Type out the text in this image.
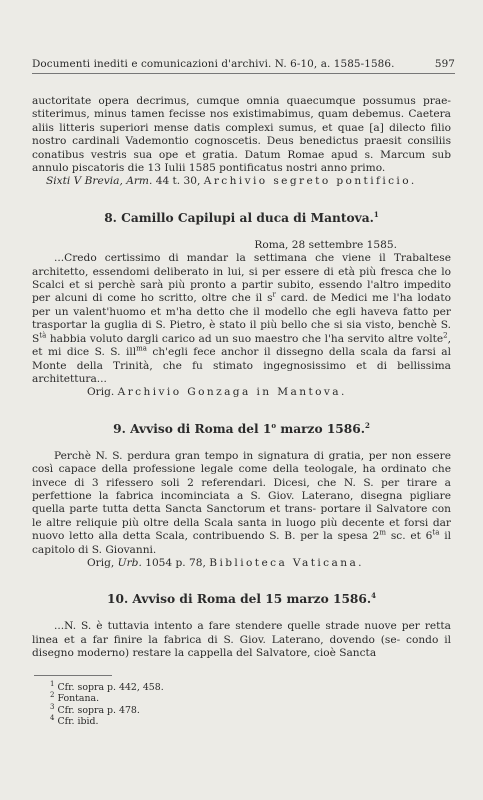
Documenti inediti e comunicazioni d'archivi. N. 6-10, a. 1585-1586.	597

auctoritate opera decrimus, cumque omnia quaecumque possumus prae- stiterimus, minus tamen fecisse nos existimabimus, quam debemus. Caetera aliis litteris superiori mense datis complexi sumus, et quae [a] dilecto filio nostro cardinali Vademontio cognoscetis. Deus benedictus praesit consiliis conatibus vestris sua ope et gratia. Datum Romae apud s. Marcum sub annulo piscatoris die 13 Iulii 1585 pontificatus nostri anno primo.

Sixti V Brevia, Arm. 44 t. 30, Archivio segreto pontificio.
8. Camillo Capilupi al duca di Mantova.$^1$
Roma, 28 settembre 1585.

...Credo certissimo di mandar la settimana che viene il Trabaltese architetto, essendomi deliberato in lui, si per essere di età più fresca che lo Scalci et si perchè sarà più pronto a partir subito, essendo l'altro impedito per alcuni di come ho scritto, oltre che il $s^r$ card. de Medici me l'ha lodato per un valent'huomo et m'ha detto che il modello che egli haveva fatto per trasportar la guglia di S. Pietro, è stato il più bello che si sia visto, benchè S. $S^{tà}$ habbia voluto dargli carico ad un suo maestro che l'ha servito altre volte$^2$, et mi dice S. S. ill$^{ma}$ ch'egli fece anchor il dissegno della scala da farsi al Monte della Trinità, che fu stimato ingegnosissimo et di bellissima architettura...

Orig. Archivio Gonzaga in Mantova.
9. Avviso di Roma del 1$^o$ marzo 1586.$^2$

Perchè N. S. perdura gran tempo in signatura di gratia, per non essere così capace della professione legale come della teologale, ha ordinato che invece di 3 rifessero soli 2 referendari. Dicesi, che N. S. per tirare a perfettione la fabrica incominciata a S. Giov. Laterano, disegna pigliare quella parte tutta detta Sancta Sanctorum et trans- portare il Salvatore con le altre reliquie più oltre della Scala santa in luogo più decente et forsi dar nuovo letto alla detta Scala, contribuendo S. B. per la spesa 2$^m$ sc. et $6^{ta}$ il capitolo di S. Giovanni.

Orig, Urb. 1054 p. 78, Biblioteca Vaticana.
10. Avviso di Roma del 15 marzo 1586.$^4$

...N. S. è tuttavia intento a fare stendere quelle strade nuove per retta linea et a far finire la fabrica di S. Giov. Laterano, dovendo (se- condo il disegno moderno) restare la cappella del Salvatore, cioè Sancta

$^1$ Cfr. sopra p. 442, 458.
$^2$ Fontana.
$^3$ Cfr. sopra p. 478.
$^4$ Cfr. ibid.
